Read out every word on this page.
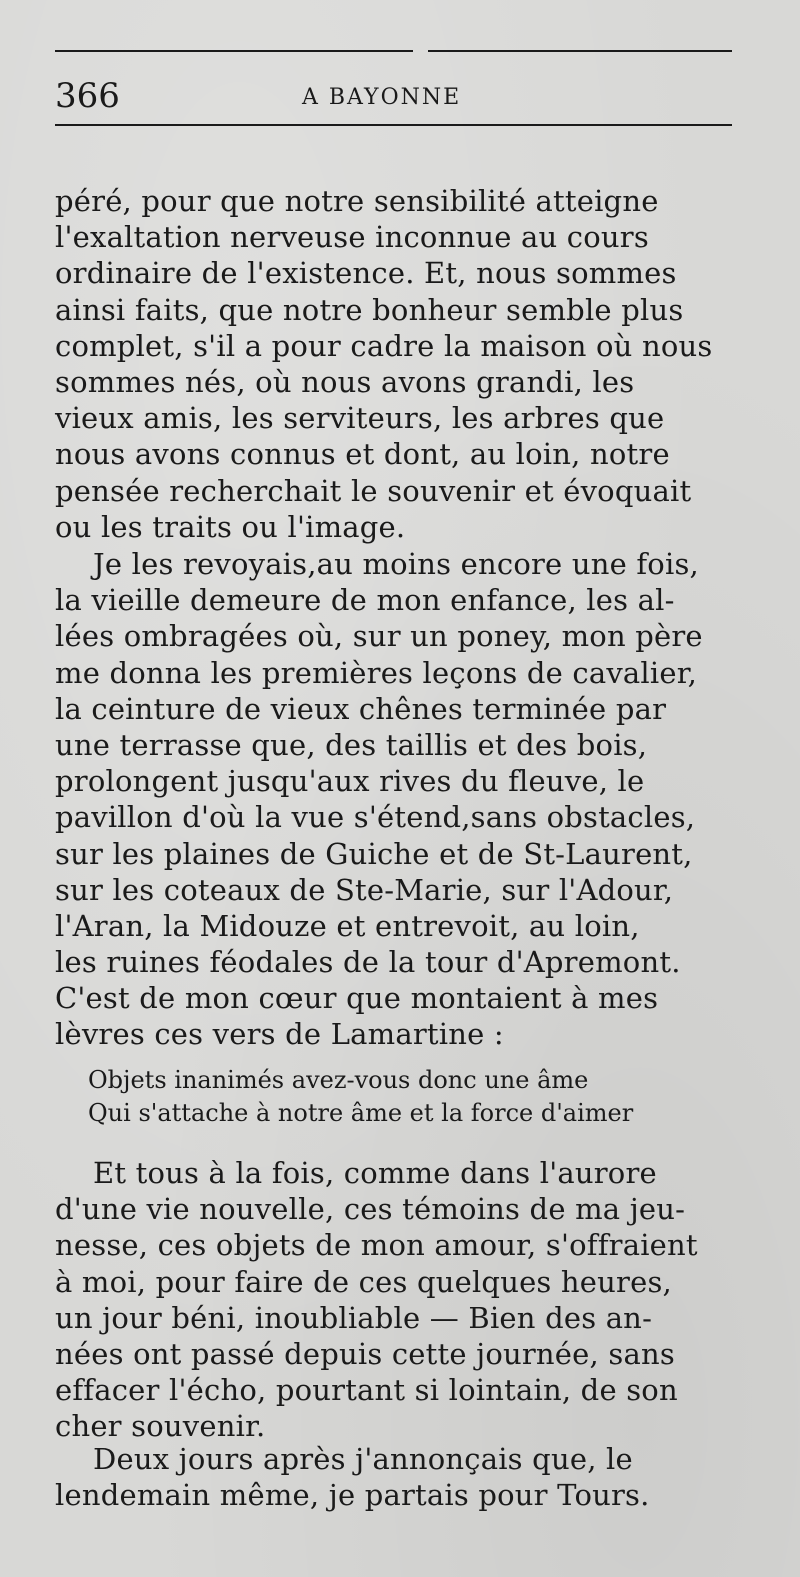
366	A BAYONNE
péré, pour que notre sensibilité atteigne
l'exaltation nerveuse inconnue au cours
ordinaire de l'existence. Et, nous sommes
ainsi faits, que notre bonheur semble plus
complet, s'il a pour cadre la maison où nous
sommes nés, où nous avons grandi, les
vieux amis, les serviteurs, les arbres que
nous avons connus et dont, au loin, notre
pensée recherchait le souvenir et évoquait
ou les traits ou l'image.
Je les revoyais,au moins encore une fois,
la vieille demeure de mon enfance, les al-
lées ombragées où, sur un poney, mon père
me donna les premières leçons de cavalier,
la ceinture de vieux chênes terminée par
une terrasse que, des taillis et des bois,
prolongent jusqu'aux rives du fleuve, le
pavillon d'où la vue s'étend,sans obstacles,
sur les plaines de Guiche et de St-Laurent,
sur les coteaux de Ste-Marie, sur l'Adour,
l'Aran, la Midouze et entrevoit, au loin,
les ruines féodales de la tour d'Apremont.
C'est de mon cœur que montaient à mes
lèvres ces vers de Lamartine :
Objets inanimés avez-vous donc une âme
Qui s'attache à notre âme et la force d'aimer
Et tous à la fois, comme dans l'aurore
d'une vie nouvelle, ces témoins de ma jeu-
nesse, ces objets de mon amour, s'offraient
à moi, pour faire de ces quelques heures,
un jour béni, inoubliable — Bien des an-
nées ont passé depuis cette journée, sans
effacer l'écho, pourtant si lointain, de son
cher souvenir.
Deux jours après j'annonçais que, le
lendemain même, je partais pour Tours.
